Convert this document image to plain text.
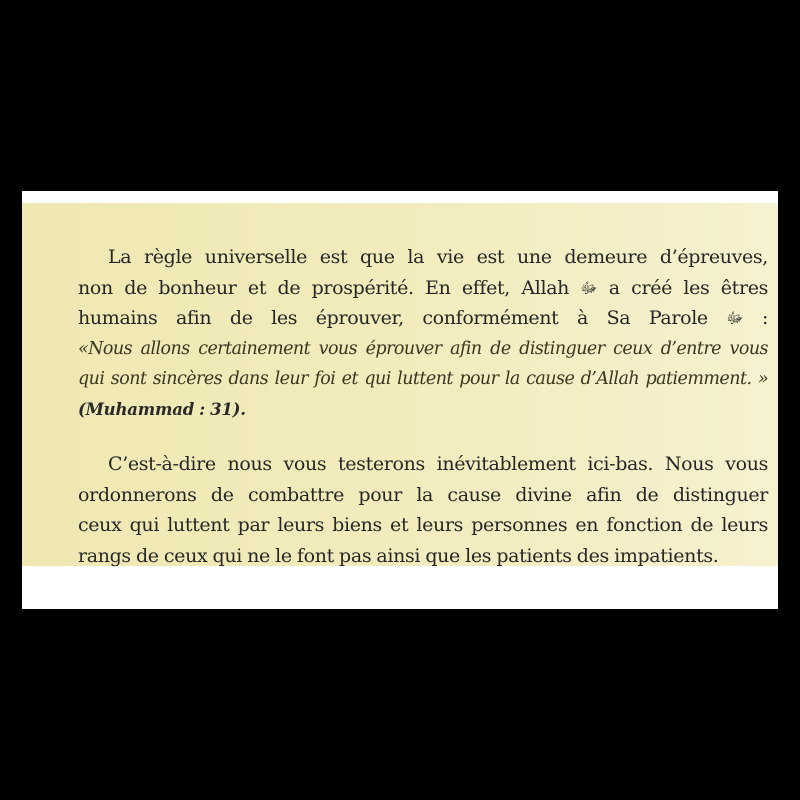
La règle universelle est que la vie est une demeure d’épreuves,
non de bonheur et de prospérité. En effet, Allah ﷻ a créé les êtres
humains afin de les éprouver, conformément à Sa Parole ﷻ :
«Nous allons certainement vous éprouver afin de distinguer ceux d’entre vous
qui sont sincères dans leur foi et qui luttent pour la cause d’Allah patiemment. »
(Muhammad : 31).
C’est-à-dire nous vous testerons inévitablement ici-bas. Nous vous
ordonnerons de combattre pour la cause divine afin de distinguer
ceux qui luttent par leurs biens et leurs personnes en fonction de leurs
rangs de ceux qui ne le font pas ainsi que les patients des impatients.
